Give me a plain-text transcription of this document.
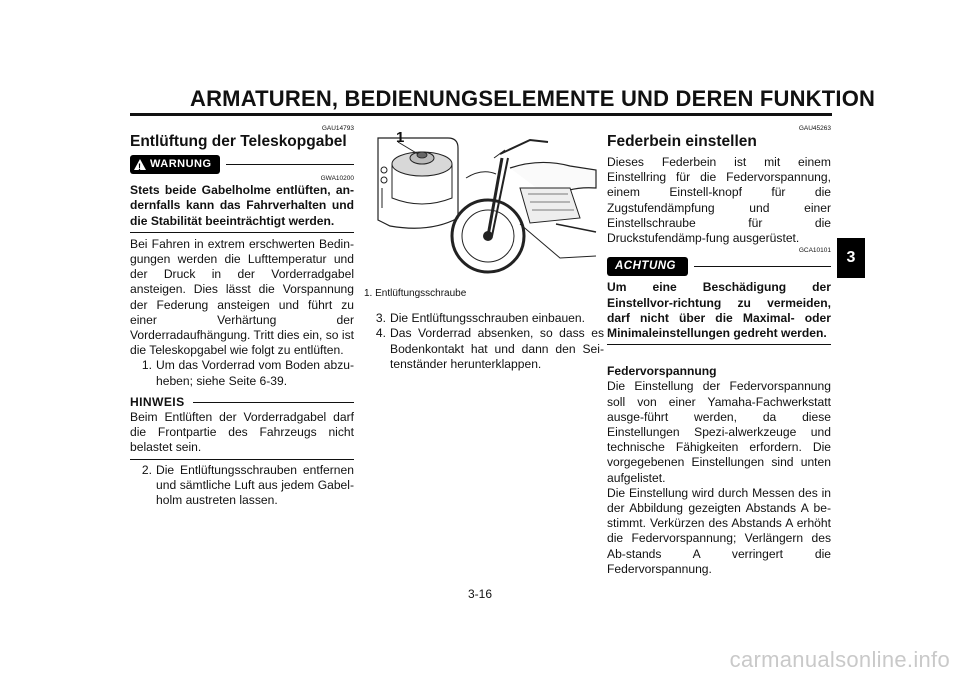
ARMATUREN, BEDIENUNGSELEMENTE UND DEREN FUNKTION
3

GAU14793

Entlüftung der Teleskopgabel
!
WARNUNG

GWA10200

Stets beide Gabelholme entlüften, an-dernfalls kann das Fahrverhalten und die Stabilität beeinträchtigt werden.

Bei Fahren in extrem erschwerten Bedin-gungen werden die Lufttemperatur und der Druck in der Vorderradgabel ansteigen. Dies lässt die Vorspannung der Federung ansteigen und führt zu einer Verhärtung der Vorderradaufhängung. Tritt dies ein, so ist die Teleskopgabel wie folgt zu entlüften.

1. Um das Vorderrad vom Boden abzu-heben; siehe Seite 6-39.
HINWEIS

Beim Entlüften der Vorderradgabel darf die Frontpartie des Fahrzeugs nicht belastet sein.

2. Die Entlüftungsschrauben entfernen und sämtliche Luft aus jedem Gabel-holm austreten lassen.
1
1. Entlüftungsschraube
3. Die Entlüftungsschrauben einbauen.
4. Das Vorderrad absenken, so dass es Bodenkontakt hat und dann den Sei-tenständer herunterklappen.

GAU45263

Federbein einstellen

Dieses Federbein ist mit einem Einstellring für die Federvorspannung, einem Einstell-knopf für die Zugstufendämpfung und einer Einstellschraube für die Druckstufendämp-fung ausgerüstet.

GCA10101

ACHTUNG

Um eine Beschädigung der Einstellvor-richtung zu vermeiden, darf nicht über die Maximal- oder Minimaleinstellungen gedreht werden.

Federvorspannung

Die Einstellung der Federvorspannung soll von einer Yamaha-Fachwerkstatt ausge-führt werden, da diese Einstellungen Spezi-alwerkzeuge und technische Fähigkeiten erfordern. Die vorgegebenen Einstellungen sind unten aufgelistet.

Die Einstellung wird durch Messen des in der Abbildung gezeigten Abstands A be-stimmt. Verkürzen des Abstands A erhöht die Federvorspannung; Verlängern des Ab-stands A verringert die Federvorspannung.

3-16
carmanualsonline.info
